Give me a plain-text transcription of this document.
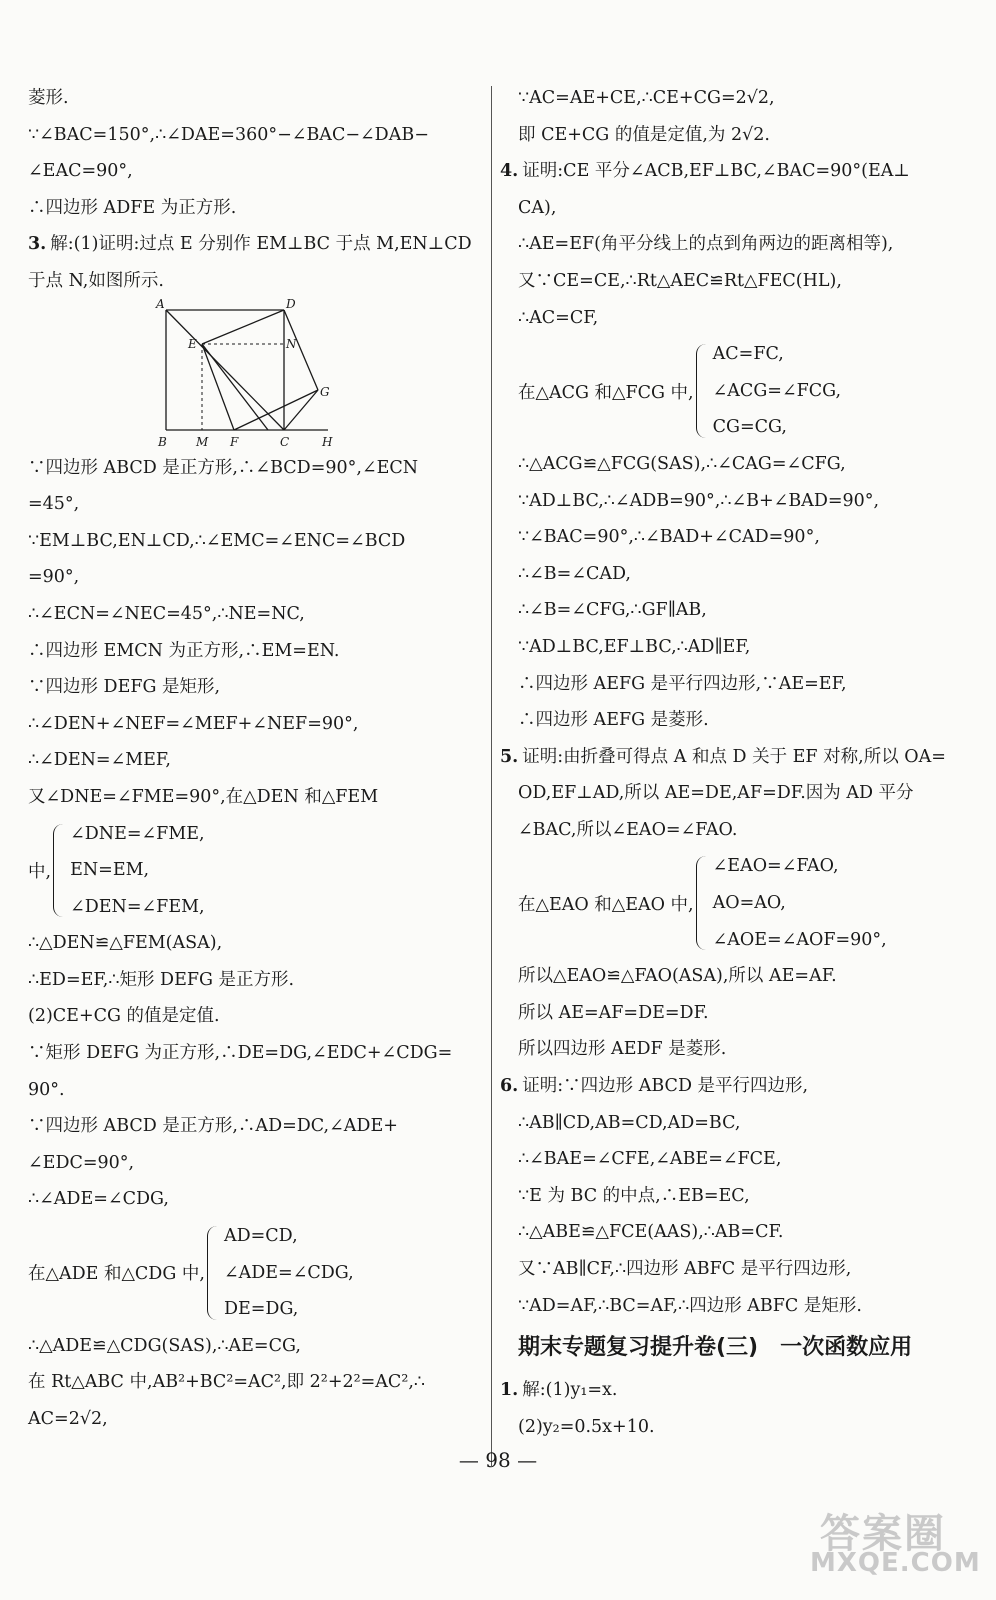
菱形.
∵∠BAC=150°,∴∠DAE=360°−∠BAC−∠DAB−
∠EAC=90°,
∴四边形 ADFE 为正方形.
3. 解:(1)证明:过点 E 分别作 EM⊥BC 于点 M,EN⊥CD
于点 N,如图所示.
A	D
E	N
G
B M F	C	H
∵四边形 ABCD 是正方形,∴∠BCD=90°,∠ECN
=45°,
∵EM⊥BC,EN⊥CD,∴∠EMC=∠ENC=∠BCD
=90°,
∴∠ECN=∠NEC=45°,∴NE=NC,
∴四边形 EMCN 为正方形,∴EM=EN.
∵四边形 DEFG 是矩形,
∴∠DEN+∠NEF=∠MEF+∠NEF=90°,
∴∠DEN=∠MEF,
又∠DNE=∠FME=90°,在△DEN 和△FEM
中,
∠DNE=∠FME,
EN=EM,
∠DEN=∠FEM,
∴△DEN≌△FEM(ASA),
∴ED=EF,∴矩形 DEFG 是正方形.
(2)CE+CG 的值是定值.
∵矩形 DEFG 为正方形,∴DE=DG,∠EDC+∠CDG=
90°.
∵四边形 ABCD 是正方形,∴AD=DC,∠ADE+
∠EDC=90°,
∴∠ADE=∠CDG,
在△ADE 和△CDG 中,
AD=CD,
∠ADE=∠CDG,
DE=DG,
∴△ADE≌△CDG(SAS),∴AE=CG,
在 Rt△ABC 中,AB²+BC²=AC²,即 2²+2²=AC²,∴
AC=2√2,
∵AC=AE+CE,∴CE+CG=2√2,
即 CE+CG 的值是定值,为 2√2.
4. 证明:CE 平分∠ACB,EF⊥BC,∠BAC=90°(EA⊥
CA),
∴AE=EF(角平分线上的点到角两边的距离相等),
又∵CE=CE,∴Rt△AEC≌Rt△FEC(HL),
∴AC=CF,
在△ACG 和△FCG 中,
AC=FC,
∠ACG=∠FCG,
CG=CG,
∴△ACG≌△FCG(SAS),∴∠CAG=∠CFG,
∵AD⊥BC,∴∠ADB=90°,∴∠B+∠BAD=90°,
∵∠BAC=90°,∴∠BAD+∠CAD=90°,
∴∠B=∠CAD,
∴∠B=∠CFG,∴GF∥AB,
∵AD⊥BC,EF⊥BC,∴AD∥EF,
∴四边形 AEFG 是平行四边形,∵AE=EF,
∴四边形 AEFG 是菱形.
5. 证明:由折叠可得点 A 和点 D 关于 EF 对称,所以 OA=
OD,EF⊥AD,所以 AE=DE,AF=DF.因为 AD 平分
∠BAC,所以∠EAO=∠FAO.
在△EAO 和△EAO 中,
∠EAO=∠FAO,
AO=AO,
∠AOE=∠AOF=90°,
所以△EAO≌△FAO(ASA),所以 AE=AF.
所以 AE=AF=DE=DF.
所以四边形 AEDF 是菱形.
6. 证明:∵四边形 ABCD 是平行四边形,
∴AB∥CD,AB=CD,AD=BC,
∴∠BAE=∠CFE,∠ABE=∠FCE,
∵E 为 BC 的中点,∴EB=EC,
∴△ABE≌△FCE(AAS),∴AB=CF.
又∵AB∥CF,∴四边形 ABFC 是平行四边形,
∵AD=AF,∴BC=AF,∴四边形 ABFC 是矩形.
期末专题复习提升卷(三)　一次函数应用
1. 解:(1)y₁=x.
(2)y₂=0.5x+10.
— 98 —
答案圈
MXQE.COM
